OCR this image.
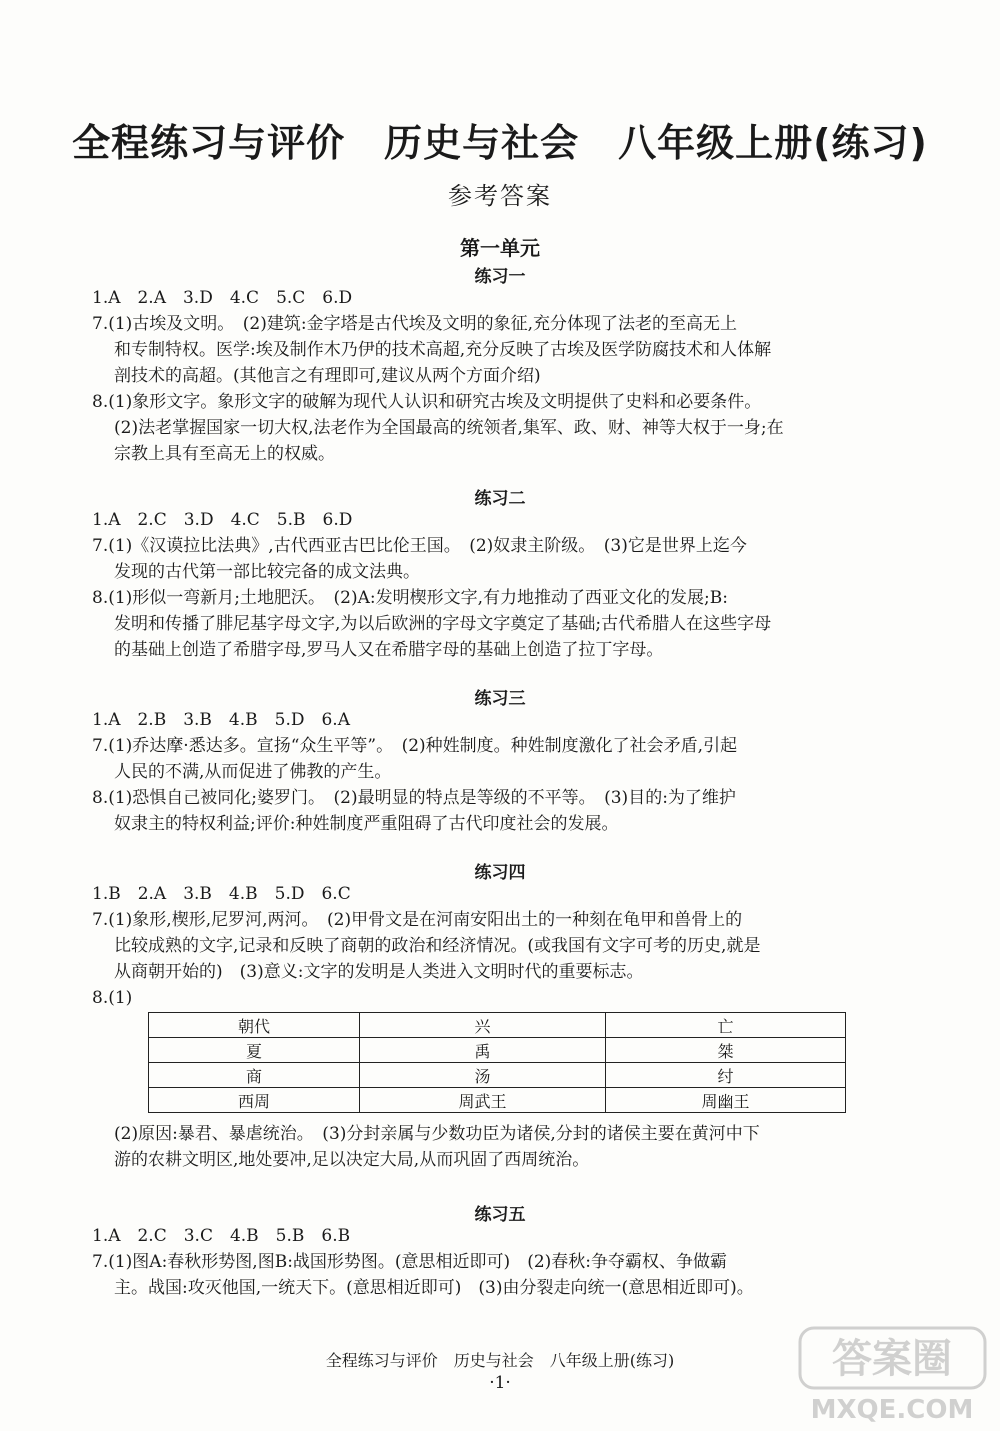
全程练习与评价　历史与社会　八年级上册(练习)
参考答案
第一单元
练习一
1.A　2.A　3.D　4.C　5.C　6.D
7.(1)古埃及文明。　(2)建筑:金字塔是古代埃及文明的象征,充分体现了法老的至高无上
和专制特权。医学:埃及制作木乃伊的技术高超,充分反映了古埃及医学防腐技术和人体解
剖技术的高超。(其他言之有理即可,建议从两个方面介绍)
8.(1)象形文字。象形文字的破解为现代人认识和研究古埃及文明提供了史料和必要条件。
(2)法老掌握国家一切大权,法老作为全国最高的统领者,集军、政、财、神等大权于一身;在
宗教上具有至高无上的权威。
练习二
1.A　2.C　3.D　4.C　5.B　6.D
7.(1)《汉谟拉比法典》,古代西亚古巴比伦王国。　(2)奴隶主阶级。　(3)它是世界上迄今
发现的古代第一部比较完备的成文法典。
8.(1)形似一弯新月;土地肥沃。　(2)A:发明楔形文字,有力地推动了西亚文化的发展;B:
发明和传播了腓尼基字母文字,为以后欧洲的字母文字奠定了基础;古代希腊人在这些字母
的基础上创造了希腊字母,罗马人又在希腊字母的基础上创造了拉丁字母。
练习三
1.A　2.B　3.B　4.B　5.D　6.A
7.(1)乔达摩·悉达多。宣扬“众生平等”。　(2)种姓制度。种姓制度激化了社会矛盾,引起
人民的不满,从而促进了佛教的产生。
8.(1)恐惧自己被同化;婆罗门。　(2)最明显的特点是等级的不平等。　(3)目的:为了维护
奴隶主的特权利益;评价:种姓制度严重阻碍了古代印度社会的发展。
练习四
1.B　2.A　3.B　4.B　5.D　6.C
7.(1)象形,楔形,尼罗河,两河。　(2)甲骨文是在河南安阳出土的一种刻在龟甲和兽骨上的
比较成熟的文字,记录和反映了商朝的政治和经济情况。(或我国有文字可考的历史,就是
从商朝开始的)　(3)意义:文字的发明是人类进入文明时代的重要标志。
8.(1)
朝代	兴	亡
夏	禹	桀
商	汤	纣
西周	周武王	周幽王
(2)原因:暴君、暴虐统治。　(3)分封亲属与少数功臣为诸侯,分封的诸侯主要在黄河中下
游的农耕文明区,地处要冲,足以决定大局,从而巩固了西周统治。
练习五
1.A　2.C　3.C　4.B　5.B　6.B
7.(1)图A:春秋形势图,图B:战国形势图。(意思相近即可)　(2)春秋:争夺霸权、争做霸
主。战国:攻灭他国,一统天下。(意思相近即可)　(3)由分裂走向统一(意思相近即可)。
全程练习与评价　历史与社会　八年级上册(练习)
·1·
答案圈
MXQE.COM
